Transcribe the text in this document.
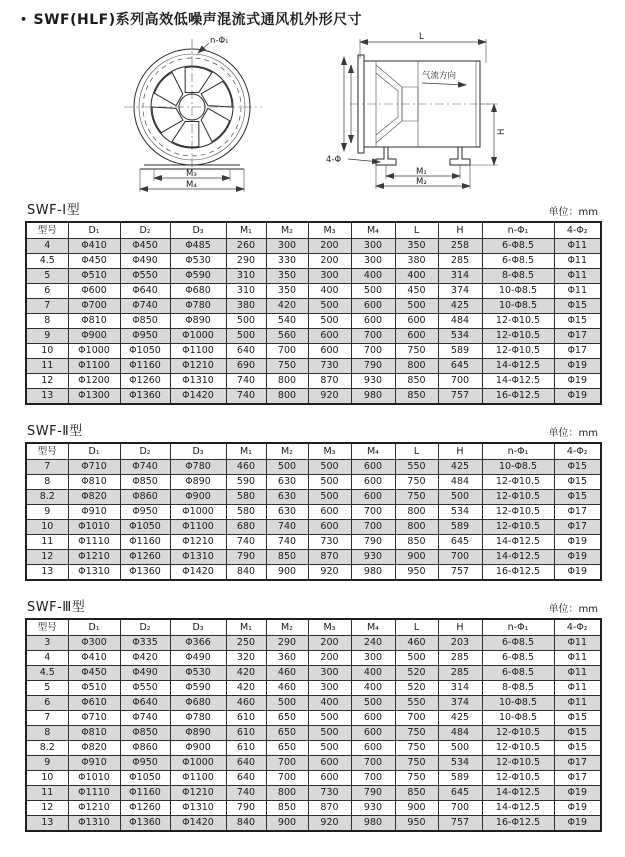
• SWF(HLF)系列高效低噪声混流式通风机外形尺寸
n-Φ₁
M₃
M₄
L
气流方向
H
4-Φ
M₁
M₂
SWF-Ⅰ型	单位：mm
型号	D₁	D₂	D₃	M₁	M₂	M₃	M₄	L	H	n-Φ₁	4-Φ₂
4	Φ410	Φ450	Φ485	260	300	200	300	350	258	6-Φ8.5	Φ11
4.5	Φ450	Φ490	Φ530	290	330	200	300	380	285	6-Φ8.5	Φ11
5	Φ510	Φ550	Φ590	310	350	300	400	400	314	8-Φ8.5	Φ11
6	Φ600	Φ640	Φ680	310	350	400	500	450	374	10-Φ8.5	Φ11
7	Φ700	Φ740	Φ780	380	420	500	600	500	425	10-Φ8.5	Φ15
8	Φ810	Φ850	Φ890	500	540	500	600	600	484	12-Φ10.5	Φ15
9	Φ900	Φ950	Φ1000	500	560	600	700	600	534	12-Φ10.5	Φ17
10	Φ1000	Φ1050	Φ1100	640	700	600	700	750	589	12-Φ10.5	Φ17
11	Φ1100	Φ1160	Φ1210	690	750	730	790	800	645	14-Φ12.5	Φ19
12	Φ1200	Φ1260	Φ1310	740	800	870	930	850	700	14-Φ12.5	Φ19
13	Φ1300	Φ1360	Φ1420	740	800	920	980	850	757	16-Φ12.5	Φ19
SWF-Ⅱ型	单位：mm
型号	D₁	D₂	D₃	M₁	M₂	M₃	M₄	L	H	n-Φ₁	4-Φ₂
7	Φ710	Φ740	Φ780	460	500	500	600	550	425	10-Φ8.5	Φ15
8	Φ810	Φ850	Φ890	590	630	500	600	750	484	12-Φ10.5	Φ15
8.2	Φ820	Φ860	Φ900	580	630	500	600	750	500	12-Φ10.5	Φ15
9	Φ910	Φ950	Φ1000	580	630	600	700	800	534	12-Φ10.5	Φ17
10	Φ1010	Φ1050	Φ1100	680	740	600	700	800	589	12-Φ10.5	Φ17
11	Φ1110	Φ1160	Φ1210	740	740	730	790	850	645	14-Φ12.5	Φ19
12	Φ1210	Φ1260	Φ1310	790	850	870	930	900	700	14-Φ12.5	Φ19
13	Φ1310	Φ1360	Φ1420	840	900	920	980	950	757	16-Φ12.5	Φ19
SWF-Ⅲ型	单位：mm
型号	D₁	D₂	D₃	M₁	M₂	M₃	M₄	L	H	n-Φ₁	4-Φ₂
3	Φ300	Φ335	Φ366	250	290	200	240	460	203	6-Φ8.5	Φ11
4	Φ410	Φ420	Φ490	320	360	200	300	500	285	6-Φ8.5	Φ11
4.5	Φ450	Φ490	Φ530	420	460	300	400	520	285	6-Φ8.5	Φ11
5	Φ510	Φ550	Φ590	420	460	300	400	520	314	8-Φ8.5	Φ11
6	Φ610	Φ640	Φ680	460	500	400	500	550	374	10-Φ8.5	Φ11
7	Φ710	Φ740	Φ780	610	650	500	600	700	425	10-Φ8.5	Φ15
8	Φ810	Φ850	Φ890	610	650	500	600	750	484	12-Φ10.5	Φ15
8.2	Φ820	Φ860	Φ900	610	650	500	600	750	500	12-Φ10.5	Φ15
9	Φ910	Φ950	Φ1000	640	700	600	700	750	534	12-Φ10.5	Φ17
10	Φ1010	Φ1050	Φ1100	640	700	600	700	750	589	12-Φ10.5	Φ17
11	Φ1110	Φ1160	Φ1210	740	800	730	790	850	645	14-Φ12.5	Φ19
12	Φ1210	Φ1260	Φ1310	790	850	870	930	900	700	14-Φ12.5	Φ19
13	Φ1310	Φ1360	Φ1420	840	900	920	980	950	757	16-Φ12.5	Φ19
